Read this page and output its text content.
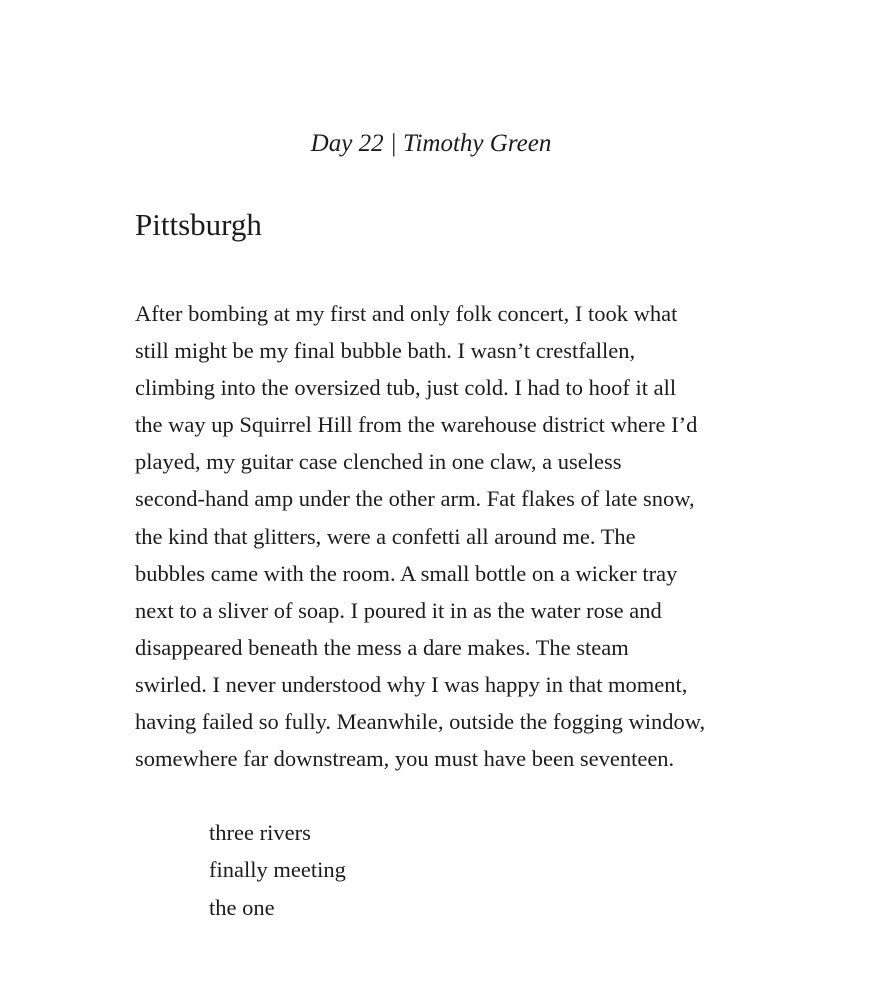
Day 22 | Timothy Green
Pittsburgh
After bombing at my first and only folk concert, I took what
still might be my final bubble bath. I wasn’t crestfallen,
climbing into the oversized tub, just cold. I had to hoof it all
the way up Squirrel Hill from the warehouse district where I’d
played, my guitar case clenched in one claw, a useless
second-hand amp under the other arm. Fat flakes of late snow,
the kind that glitters, were a confetti all around me. The
bubbles came with the room. A small bottle on a wicker tray
next to a sliver of soap. I poured it in as the water rose and
disappeared beneath the mess a dare makes. The steam
swirled. I never understood why I was happy in that moment,
having failed so fully. Meanwhile, outside the fogging window,
somewhere far downstream, you must have been seventeen.
three rivers
finally meeting
the one
